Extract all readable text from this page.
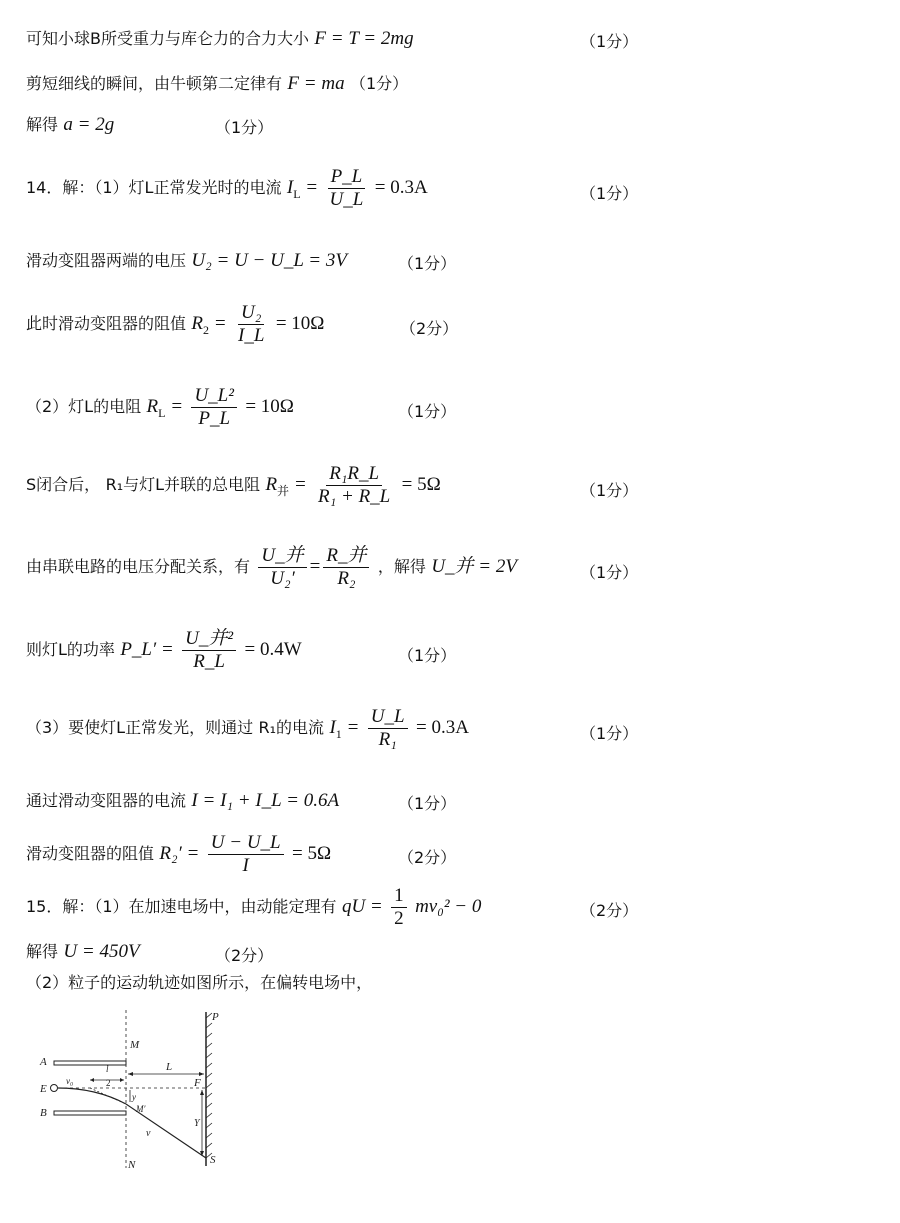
可知小球B所受重力与库仑力的合力大小 F = T = 2mg	（1分）
剪短细线的瞬间，由牛顿第二定律有 F = ma （1分）
解得 a = 2g	（1分）
14．解：（1）灯L正常发光时的电流 $I_L = \frac{P\_L}{U\_L} = 0.3A$	（1分）
滑动变阻器两端的电压 U₂ = U − U_L = 3V	（1分）
此时滑动变阻器的阻值 $R_2 = \frac{\text{U₂}}{I\_L} = 10\Omega$	（2分）
（2）灯L的电阻 $R_L = \frac{\text{U\_L²}}{P\_L} = 10\Omega$	（1分）
S闭合后， R₁与灯L并联的总电阻 $R_并 = \frac{\text{R₁R\_L}}{\text{R₁ + R\_L}} = 5\Omega$	（1分）
由串联电路的电压分配关系，有 $\frac{\text{U\_并}}{\text{U₂′}} = \frac{\text{R\_并}}{\text{R₂}}$ ，解得 U_并 = 2V	（1分）
则灯L的功率 P_L′ = $\frac{\text{U\_并²}}{R\_L} = 0.4W$	（1分）
（3）要使灯L正常发光，则通过 R₁的电流 $I_1 = \frac{U\_L}{\text{R₁}} = 0.3A$	（1分）
通过滑动变阻器的电流 I = I₁ + I_L = 0.6A	（1分）
滑动变阻器的阻值 $R_2' = \frac{U - U\_L}{I} = 5\Omega$	（2分）
15．解：（1）在加速电场中，由动能定理有 qU = $\frac{1}{2} mv_0^2 - 0$	（2分）
解得 U = 450V	（2分）
（2）粒子的运动轨迹如图所示，在偏转电场中，
A
E
B
M
N
P
F
S
L
l
2
v₀
y
Y
M′
v
